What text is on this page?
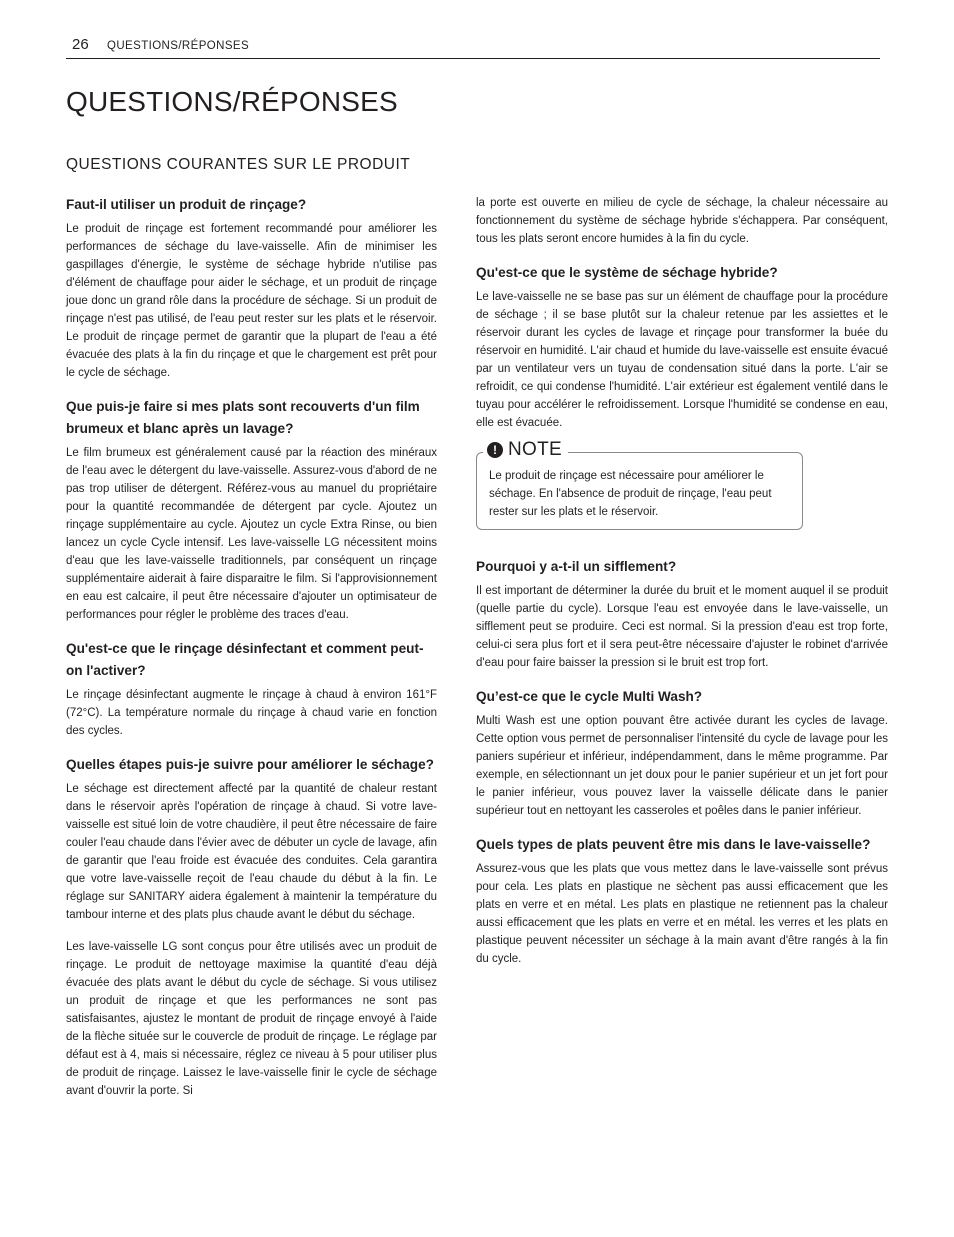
26 QUESTIONS/RÉPONSES
QUESTIONS/RÉPONSES
QUESTIONS COURANTES SUR LE PRODUIT
Faut-il utiliser un produit de rinçage?

Le produit de rinçage est fortement recommandé pour améliorer les performances de séchage du lave-vaisselle. Afin de minimiser les gaspillages d'énergie, le système de séchage hybride n'utilise pas d'élément de chauffage pour aider le séchage, et un produit de rinçage joue donc un grand rôle dans la procédure de séchage. Si un produit de rinçage n'est pas utilisé, de l'eau peut rester sur les plats et le réservoir. Le produit de rinçage permet de garantir que la plupart de l'eau a été évacuée des plats à la fin du rinçage et que le chargement est prêt pour le cycle de séchage.

Que puis-je faire si mes plats sont recouverts d'un film brumeux et blanc après un lavage?

Le film brumeux est généralement causé par la réaction des minéraux de l'eau avec le détergent du lave-vaisselle. Assurez-vous d'abord de ne pas trop utiliser de détergent. Référez-vous au manuel du propriétaire pour la quantité recommandée de détergent par cycle. Ajoutez un rinçage supplémentaire au cycle. Ajoutez un cycle Extra Rinse, ou bien lancez un cycle Cycle intensif. Les lave-vaisselle LG nécessitent moins d'eau que les lave-vaisselle traditionnels, par conséquent un rinçage supplémentaire aiderait à faire disparaitre le film. Si l'approvisionnement en eau est calcaire, il peut être nécessaire d'ajouter un optimisateur de performances pour régler le problème des traces d'eau.

Qu'est-ce que le rinçage désinfectant et comment peut-on l'activer?

Le rinçage désinfectant augmente le rinçage à chaud à environ 161°F (72°C). La température normale du rinçage à chaud varie en fonction des cycles.

Quelles étapes puis-je suivre pour améliorer le séchage?

Le séchage est directement affecté par la quantité de chaleur restant dans le réservoir après l'opération de rinçage à chaud. Si votre lave-vaisselle est situé loin de votre chaudière, il peut être nécessaire de faire couler l'eau chaude dans l'évier avec de débuter un cycle de lavage, afin de garantir que l'eau froide est évacuée des conduites. Cela garantira que votre lave-vaisselle reçoit de l'eau chaude du début à la fin. Le réglage sur SANITARY aidera également à maintenir la température du tambour interne et des plats plus chaude avant le début du séchage.

Les lave-vaisselle LG sont conçus pour être utilisés avec un produit de rinçage. Le produit de nettoyage maximise la quantité d'eau déjà évacuée des plats avant le début du cycle de séchage. Si vous utilisez un produit de rinçage et que les performances ne sont pas satisfaisantes, ajustez le montant de produit de rinçage envoyé à l'aide de la flèche située sur le couvercle de produit de rinçage. Le réglage par défaut est à 4, mais si nécessaire, réglez ce niveau à 5 pour utiliser plus de produit de rinçage. Laissez le lave-vaisselle finir le cycle de séchage avant d'ouvrir la porte. Si

la porte est ouverte en milieu de cycle de séchage, la chaleur nécessaire au fonctionnement du système de séchage hybride s'échappera. Par conséquent, tous les plats seront encore humides à la fin du cycle.

Qu'est-ce que le système de séchage hybride?

Le lave-vaisselle ne se base pas sur un élément de chauffage pour la procédure de séchage ; il se base plutôt sur la chaleur retenue par les assiettes et le réservoir durant les cycles de lavage et rinçage pour transformer la buée du réservoir en humidité. L'air chaud et humide du lave-vaisselle est ensuite évacué par un ventilateur vers un tuyau de condensation situé dans la porte. L'air se refroidit, ce qui condense l'humidité. L'air extérieur est également ventilé dans le tuyau pour accélérer le refroidissement. Lorsque l'humidité se condense en eau, elle est évacuée.

! NOTE

Le produit de rinçage est nécessaire pour améliorer le séchage. En l'absence de produit de rinçage, l'eau peut rester sur les plats et le réservoir.

Pourquoi y a-t-il un sifflement?

Il est important de déterminer la durée du bruit et le moment auquel il se produit (quelle partie du cycle). Lorsque l'eau est envoyée dans le lave-vaisselle, un sifflement peut se produire. Ceci est normal. Si la pression d'eau est trop forte, celui-ci sera plus fort et il sera peut-être nécessaire d'ajuster le robinet d'arrivée d'eau pour faire baisser la pression si le bruit est trop fort.

Qu’est-ce que le cycle Multi Wash?

Multi Wash est une option pouvant être activée durant les cycles de lavage. Cette option vous permet de personnaliser l'intensité du cycle de lavage pour les paniers supérieur et inférieur, indépendamment, dans le même programme. Par exemple, en sélectionnant un jet doux pour le panier supérieur et un jet fort pour le panier inférieur, vous pouvez laver la vaisselle délicate dans le panier supérieur tout en nettoyant les casseroles et poêles dans le panier inférieur.

Quels types de plats peuvent être mis dans le lave-vaisselle?

Assurez-vous que les plats que vous mettez dans le lave-vaisselle sont prévus pour cela. Les plats en plastique ne sèchent pas aussi efficacement que les plats en verre et en métal. Les plats en plastique ne retiennent pas la chaleur aussi efficacement que les plats en verre et en métal. les verres et les plats en plastique peuvent nécessiter un séchage à la main avant d'être rangés à la fin du cycle.
